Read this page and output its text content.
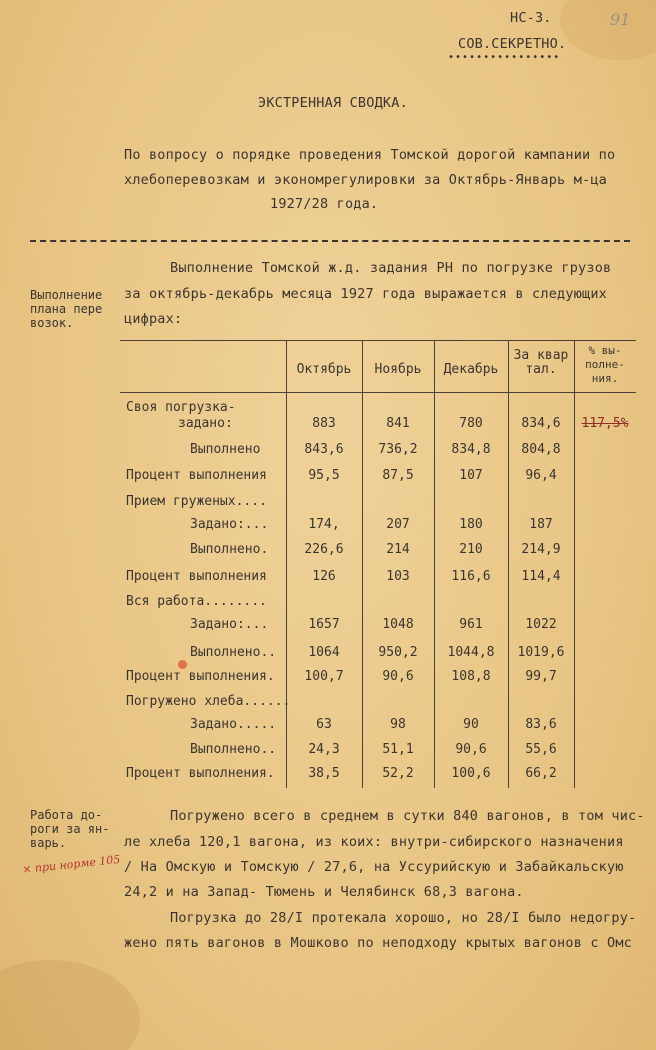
91
НС-3.
СОВ.СЕКРЕТНО.
••••••••••••••••
ЭКСТРЕННАЯ СВОДКА.
По вопросу о порядке проведения Томской дорогой кампании по
хлебоперевозкам и экономрегулировки за Октябрь-Январь м-ца
1927/28 года.
Выполнение Томской ж.д. задания РН по погрузке грузов
за октябрь-декабрь месяца 1927 года выражается в следующих
цифрах:
Выполнение
плана пере
возок.
Октябрь	Ноябрь	Декабрь
За квар
тал.
% вы-
полне-
ния.
Своя погрузка-
задано:	883	841	780	834,6	117,5%
Выполнено	843,6	736,2	834,8	804,8
Процент выполнения	95,5	87,5	107	96,4
Прием груженых....
Задано:...	174,	207	180	187
Выполнено.	226,6	214	210	214,9
Процент выполнения	126	103	116,6	114,4
Вся работа........
Задано:...	1657	1048	961	1022
Выполнено..	1064	950,2	1044,8	1019,6
Процент выполнения.	100,7	90,6	108,8	99,7
Погружено хлеба......
Задано.....	63	98	90	83,6
Выполнено..	24,3	51,1	90,6	55,6
Процент выполнения.	38,5	52,2	100,6	66,2
Работа до-
роги за ян-
варь.
× при норме 105
Погружено всего в среднем в сутки 840 вагонов, в том чис-
ле хлеба 120,1 вагона, из коих: внутри-сибирского назначения
/ На Омскую и Томскую / 27,6, на Уссурийскую и Забайкальскую
24,2 и на Запад- Тюмень и Челябинск 68,3 вагона.
Погрузка до 28/I протекала хорошо, но 28/I было недогру-
жено пять вагонов в Мошково по неподходу крытых вагонов с Омс
